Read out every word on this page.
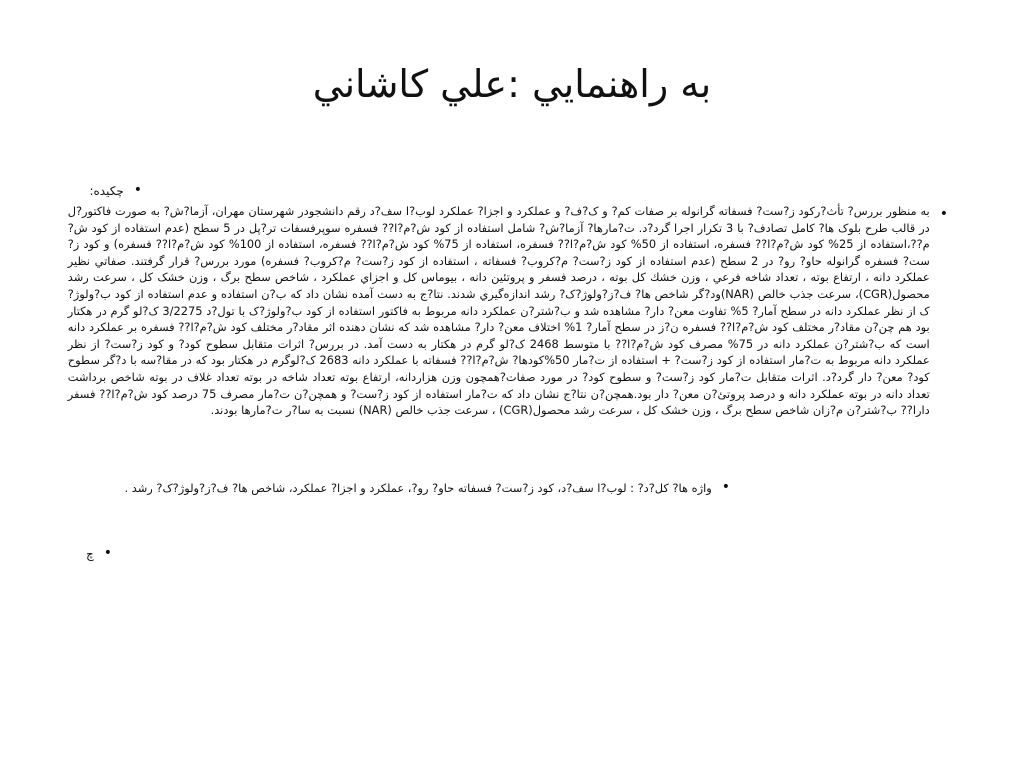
به راهنمايي :علي كاشاني
•
چكيده:
•
به منظور بررس? تأث?رکود ز?ست? فسفاته گرانوله بر صفات کم? و ک?ف? و عملکرد و اجزا? عملکرد لوب?ا سف?د رقم دانشجودر شهرستان مهران، آزما?ش? به صورت فاکتور?ل در قالب طرح بلوک ها? کامل تصادف? با 3 تکرار اجرا گرد?د. ت?مارها? آزما?ش? شامل استفاده از کود ش?م?ا?? فسفره سوپرفسفات تر?پل در 5 سطح (عدم استفاده از کود ش?م??،استفاده از 25% کود ش?م?ا?? فسفره، استفاده از 50% کود ش?م?ا?? فسفره، استفاده از 75% کود ش?م?ا?? فسفره، استفاده از 100% کود ش?م?ا?? فسفره) و کود ز?ست? فسفره گرانوله حاو? رو? در 2 سطح (عدم استفاده از کود ز?ست? م?کروب? فسفاته ، استفاده از کود ز?ست? م?کروب? فسفره) مورد بررس? قرار گرفتند. صفاتي نظير عملكرد دانه ، ارتفاع بوته ، تعداد شاخه فرعي ، وزن خشك كل بوته ، درصد فسفر و پروتئين دانه ، بيوماس كل و اجزاي عملكرد ، شاخص سطح برگ ، وزن خشک کل ، سرعت رشد محصول(CGR)، سرعت جذب خالص (NAR)ود?گر شاخص ها? ف?ز?ولوژ?ک? رشد اندازه‌گيري شدند. نتا?ج به دست آمده نشان داد که ب?ن استفاده و عدم استفاده از کود ب?ولوژ?ک از نظر عملکرد دانه در سطح آمار? 5% تفاوت معن? دار? مشاهده شد و ب?شتر?ن عملکرد دانه مربوط به فاکتور استفاده از کود ب?ولوژ?ک با تول?د 3/2275 ک?لو گرم در هکتار بود هم چن?ن مقاد?ر مختلف کود ش?م?ا?? فسفره ن?ز در سطح آمار? 1% اختلاف معن? دار? مشاهده شد که نشان دهنده اثر مقاد?ر مختلف کود ش?م?ا?? فسفره بر عملکرد دانه است که ب?شتر?ن عملکرد دانه در 75% مصرف کود ش?م?ا?? با متوسط 2468 ک?لو گرم در هکتار به دست آمد. در بررس? اثرات متقابل سطوح کود? و کود ز?ست? از نظر عملکرد دانه مربوط به ت?مار استفاده از کود ز?ست? + استفاده از ت?مار 50%کودها? ش?م?ا?? فسفاته با عملکرد دانه 2683 ک?لوگرم در هکتار بود که در مقا?سه با د?گر سطوح کود? معن? دار گرد?د. اثرات متقابل ت?مار کود ز?ست? و سطوح کود? در مورد صفات?همچون وزن هزاردانه، ارتفاع بوته تعداد شاخه در بوته تعداد غلاف در بوته شاخص برداشت تعداد دانه در بوته عملکرد دانه و درصد پروتئ?ن معن? دار بود.همچن?ن نتا?ج نشان داد که ت?مار استفاده از کود ز?ست? و همچن?ن ت?مار مصرف 75 درصد کود ش?م?ا?? فسفر دارا?? ب?شتر?ن م?زان شاخص سطح برگ ، وزن خشک کل ، سرعت رشد محصول(CGR) ، سرعت جذب خالص (NAR) نسبت به سا?ر ت?مارها بودند.
•
واژه ها? کل?د? : لوب?ا سف?د، کود ز?ست? فسفاته حاو? رو?، عملکرد و اجزا? عملکرد، شاخص ها? ف?ز?ولوژ?ک? رشد .
•
چ
